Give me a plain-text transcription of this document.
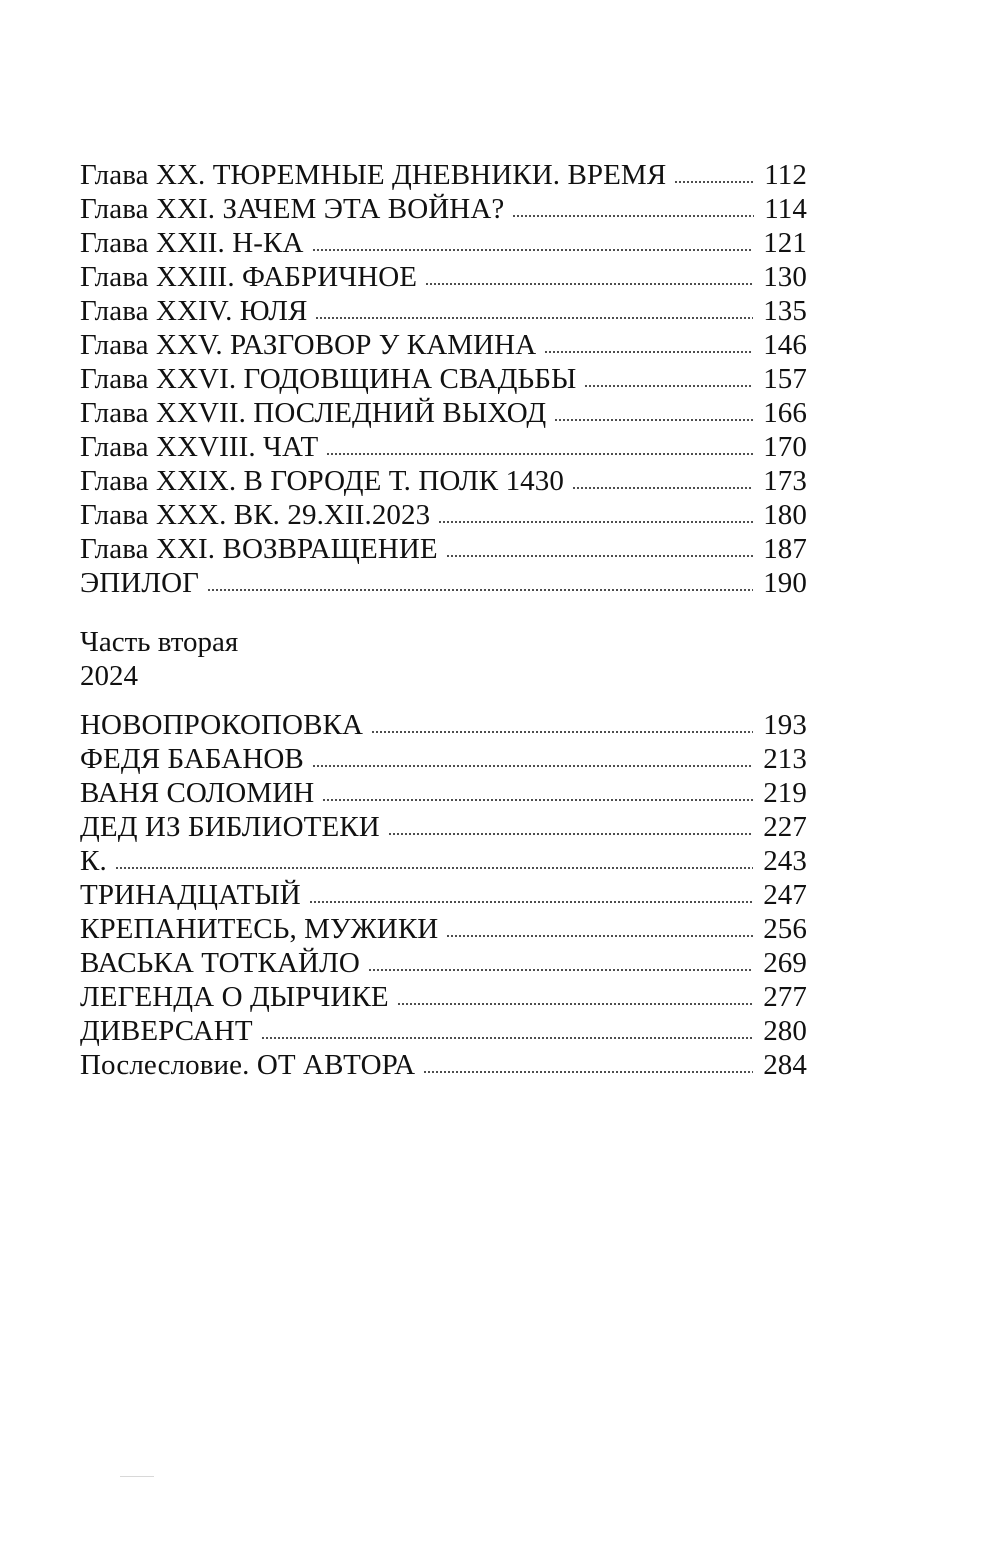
Глава XX. ТЮРЕМНЫЕ ДНЕВНИКИ. ВРЕМЯ	112
Глава XXI. ЗАЧЕМ ЭТА ВОЙНА?	114
Глава XXII. Н-КА	121
Глава XXIII. ФАБРИЧНОЕ	130
Глава XXIV. ЮЛЯ	135
Глава XXV. РАЗГОВОР У КАМИНА	146
Глава XXVI. ГОДОВЩИНА СВАДЬБЫ	157
Глава XXVII. ПОСЛЕДНИЙ ВЫХОД	166
Глава XXVIII. ЧАТ	170
Глава XXIX. В ГОРОДЕ Т. ПОЛК 1430	173
Глава XXX. ВК. 29.XII.2023	180
Глава XXI. ВОЗВРАЩЕНИЕ	187
ЭПИЛОГ	190
Часть вторая
2024
НОВОПРОКОПОВКА	193
ФЕДЯ БАБАНОВ	213
ВАНЯ СОЛОМИН	219
ДЕД ИЗ БИБЛИОТЕКИ	227
К.	243
ТРИНАДЦАТЫЙ	247
КРЕПАНИТЕСЬ, МУЖИКИ	256
ВАСЬКА ТОТКАЙЛО	269
ЛЕГЕНДА О ДЫРЧИКЕ	277
ДИВЕРСАНТ	280
Послесловие. ОТ АВТОРА	284
